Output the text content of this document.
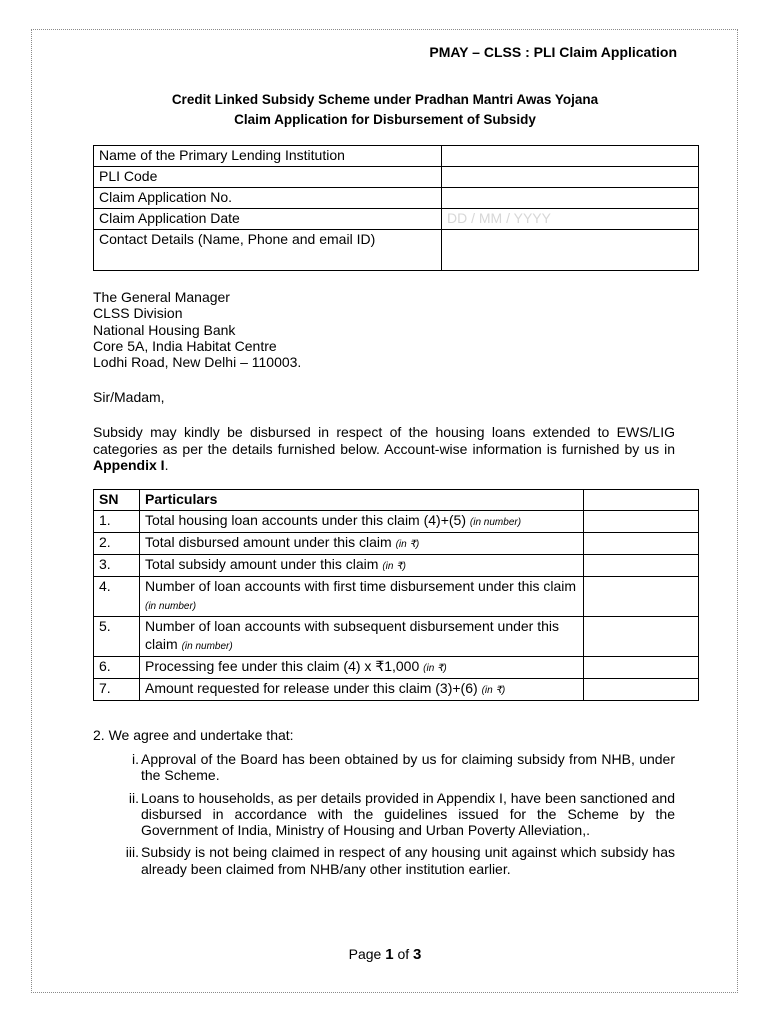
PMAY – CLSS : PLI Claim Application
Credit Linked Subsidy Scheme under Pradhan Mantri Awas Yojana
Claim Application for Disbursement of Subsidy
Name of the Primary Lending Institution	
PLI Code	
Claim Application No.	
Claim Application Date	DD / MM / YYYY
Contact Details (Name, Phone and email ID)	
The General Manager
CLSS Division
National Housing Bank
Core 5A, India Habitat Centre
Lodhi Road, New Delhi – 110003.
Sir/Madam,
Subsidy may kindly be disbursed in respect of the housing loans extended to EWS/LIG categories as per the details furnished below. Account-wise information is furnished by us in Appendix I.
SN	Particulars	
1.	Total housing loan accounts under this claim (4)+(5) (in number)	
2.	Total disbursed amount under this claim (in ₹)	
3.	Total subsidy amount under this claim (in ₹)	
4.	Number of loan accounts with first time disbursement under this claim (in number)	
5.	Number of loan accounts with subsequent disbursement under this claim (in number)	
6.	Processing fee under this claim (4) x ₹1,000 (in ₹)	
7.	Amount requested for release under this claim (3)+(6) (in ₹)	
2. We agree and undertake that:
i. Approval of the Board has been obtained by us for claiming subsidy from NHB, under the Scheme.
ii. Loans to households, as per details provided in Appendix I, have been sanctioned and disbursed in accordance with the guidelines issued for the Scheme by the Government of India, Ministry of Housing and Urban Poverty Alleviation,.
iii. Subsidy is not being claimed in respect of any housing unit against which subsidy has already been claimed from NHB/any other institution earlier.
Page 1 of 3
